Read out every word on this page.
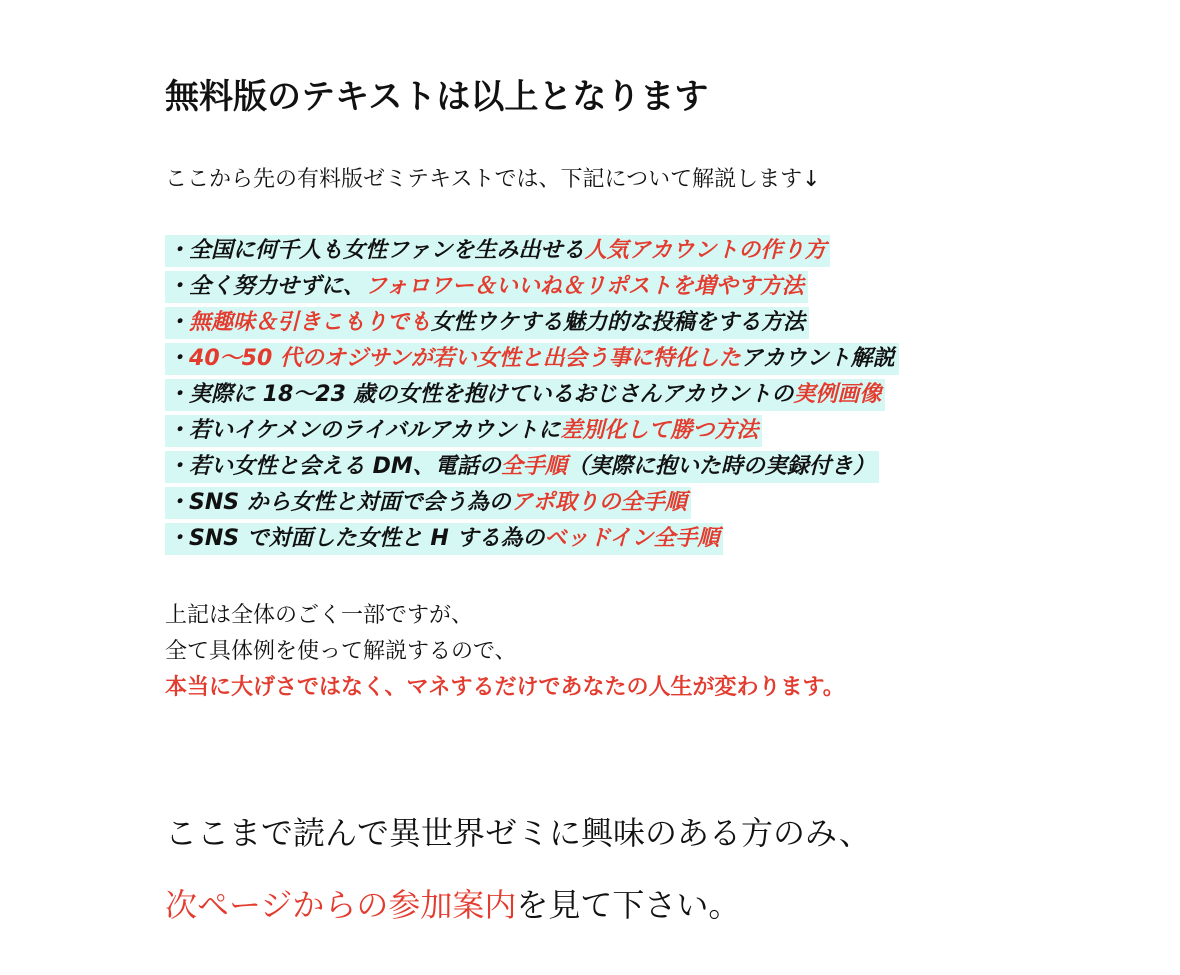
無料版のテキストは以上となります
ここから先の有料版ゼミテキストでは、下記について解説します↓
・全国に何千人も女性ファンを生み出せる人気アカウントの作り方
・全く努力せずに、フォロワー＆いいね＆リポストを増やす方法
・無趣味＆引きこもりでも女性ウケする魅力的な投稿をする方法
・40〜50 代のオジサンが若い女性と出会う事に特化したアカウント解説
・実際に 18〜23 歳の女性を抱けているおじさんアカウントの実例画像
・若いイケメンのライバルアカウントに差別化して勝つ方法
・若い女性と会える DM、電話の全手順（実際に抱いた時の実録付き）
・SNS から女性と対面で会う為のアポ取りの全手順
・SNS で対面した女性と H する為のベッドイン全手順
上記は全体のごく一部ですが、
全て具体例を使って解説するので、
本当に大げさではなく、マネするだけであなたの人生が変わります。
ここまで読んで異世界ゼミに興味のある方のみ、
次ページからの参加案内を見て下さい。
